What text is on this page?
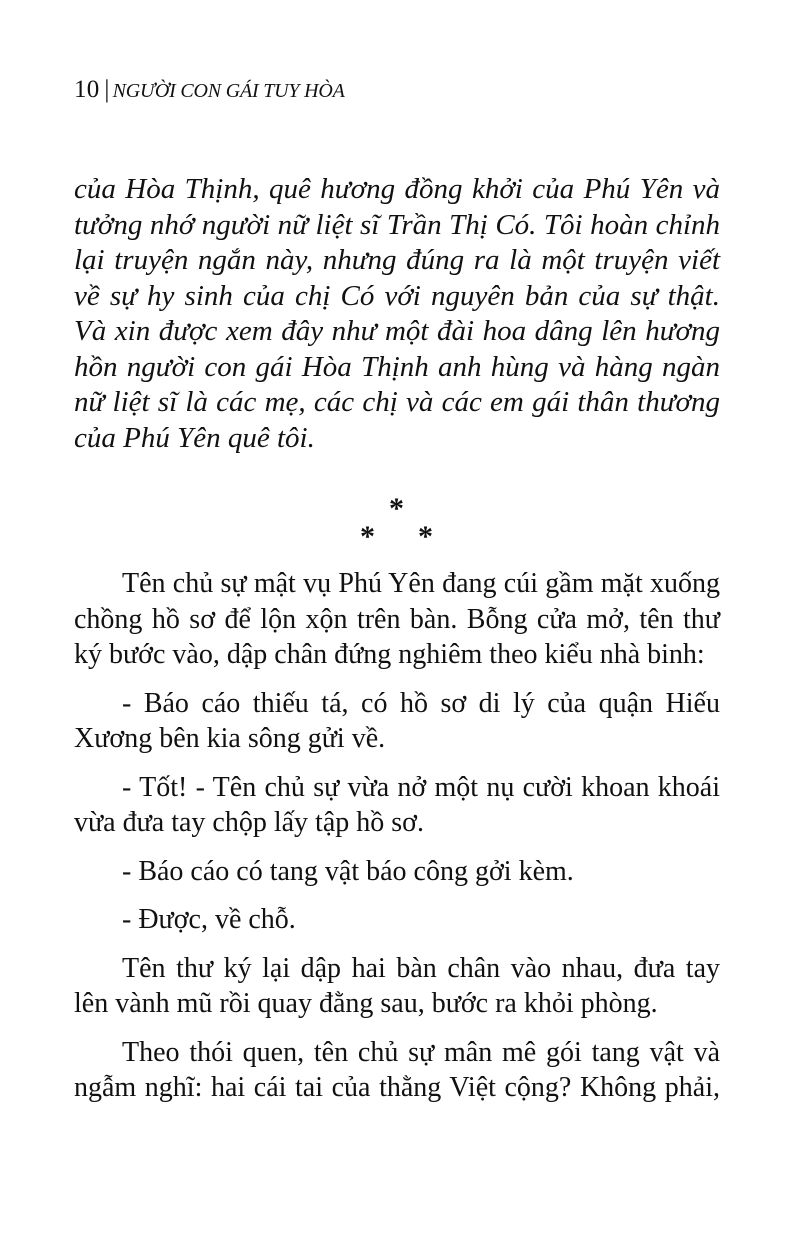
10 | NGƯỜI CON GÁI TUY HÒA

của Hòa Thịnh, quê hương đồng khởi của Phú Yên và tưởng nhớ người nữ liệt sĩ Trần Thị Có. Tôi hoàn chỉnh lại truyện ngắn này, nhưng đúng ra là một truyện viết về sự hy sinh của chị Có với nguyên bản của sự thật. Và xin được xem đây như một đài hoa dâng lên hương hồn người con gái Hòa Thịnh anh hùng và hàng ngàn nữ liệt sĩ là các mẹ, các chị và các em gái thân thương của Phú Yên quê tôi.

*
* *

Tên chủ sự mật vụ Phú Yên đang cúi gầm mặt xuống chồng hồ sơ để lộn xộn trên bàn. Bỗng cửa mở, tên thư ký bước vào, dập chân đứng nghiêm theo kiểu nhà binh:

- Báo cáo thiếu tá, có hồ sơ di lý của quận Hiếu Xương bên kia sông gửi về.

- Tốt! - Tên chủ sự vừa nở một nụ cười khoan khoái vừa đưa tay chộp lấy tập hồ sơ.

- Báo cáo có tang vật báo công gởi kèm.

- Được, về chỗ.

Tên thư ký lại dập hai bàn chân vào nhau, đưa tay lên vành mũ rồi quay đằng sau, bước ra khỏi phòng.

Theo thói quen, tên chủ sự mân mê gói tang vật và ngẫm nghĩ: hai cái tai của thằng Việt cộng? Không phải,
